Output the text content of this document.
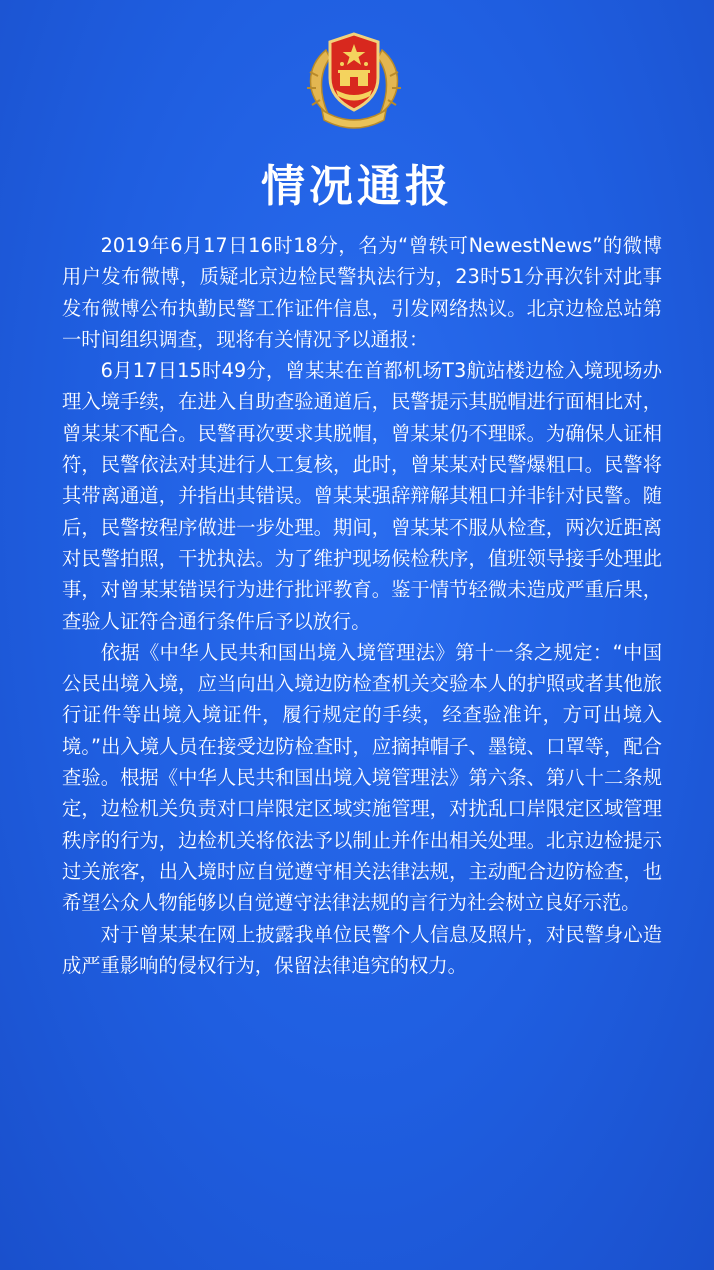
情况通报

2019年6月17日16时18分，名为“曾轶可NewestNews”的微博用户发布微博，质疑北京边检民警执法行为，23时51分再次针对此事发布微博公布执勤民警工作证件信息，引发网络热议。北京边检总站第一时间组织调查，现将有关情况予以通报：

6月17日15时49分，曾某某在首都机场T3航站楼边检入境现场办理入境手续，在进入自助查验通道后，民警提示其脱帽进行面相比对，曾某某不配合。民警再次要求其脱帽，曾某某仍不理睬。为确保人证相符，民警依法对其进行人工复核，此时，曾某某对民警爆粗口。民警将其带离通道，并指出其错误。曾某某强辞辩解其粗口并非针对民警。随后，民警按程序做进一步处理。期间，曾某某不服从检查，两次近距离对民警拍照，干扰执法。为了维护现场候检秩序，值班领导接手处理此事，对曾某某错误行为进行批评教育。鉴于情节轻微未造成严重后果，查验人证符合通行条件后予以放行。

依据《中华人民共和国出境入境管理法》第十一条之规定：“中国公民出境入境，应当向出入境边防检查机关交验本人的护照或者其他旅行证件等出境入境证件，履行规定的手续，经查验准许，方可出境入境。”出入境人员在接受边防检查时，应摘掉帽子、墨镜、口罩等，配合查验。根据《中华人民共和国出境入境管理法》第六条、第八十二条规定，边检机关负责对口岸限定区域实施管理，对扰乱口岸限定区域管理秩序的行为，边检机关将依法予以制止并作出相关处理。北京边检提示过关旅客，出入境时应自觉遵守相关法律法规，主动配合边防检查，也希望公众人物能够以自觉遵守法律法规的言行为社会树立良好示范。

对于曾某某在网上披露我单位民警个人信息及照片，对民警身心造成严重影响的侵权行为，保留法律追究的权力。
